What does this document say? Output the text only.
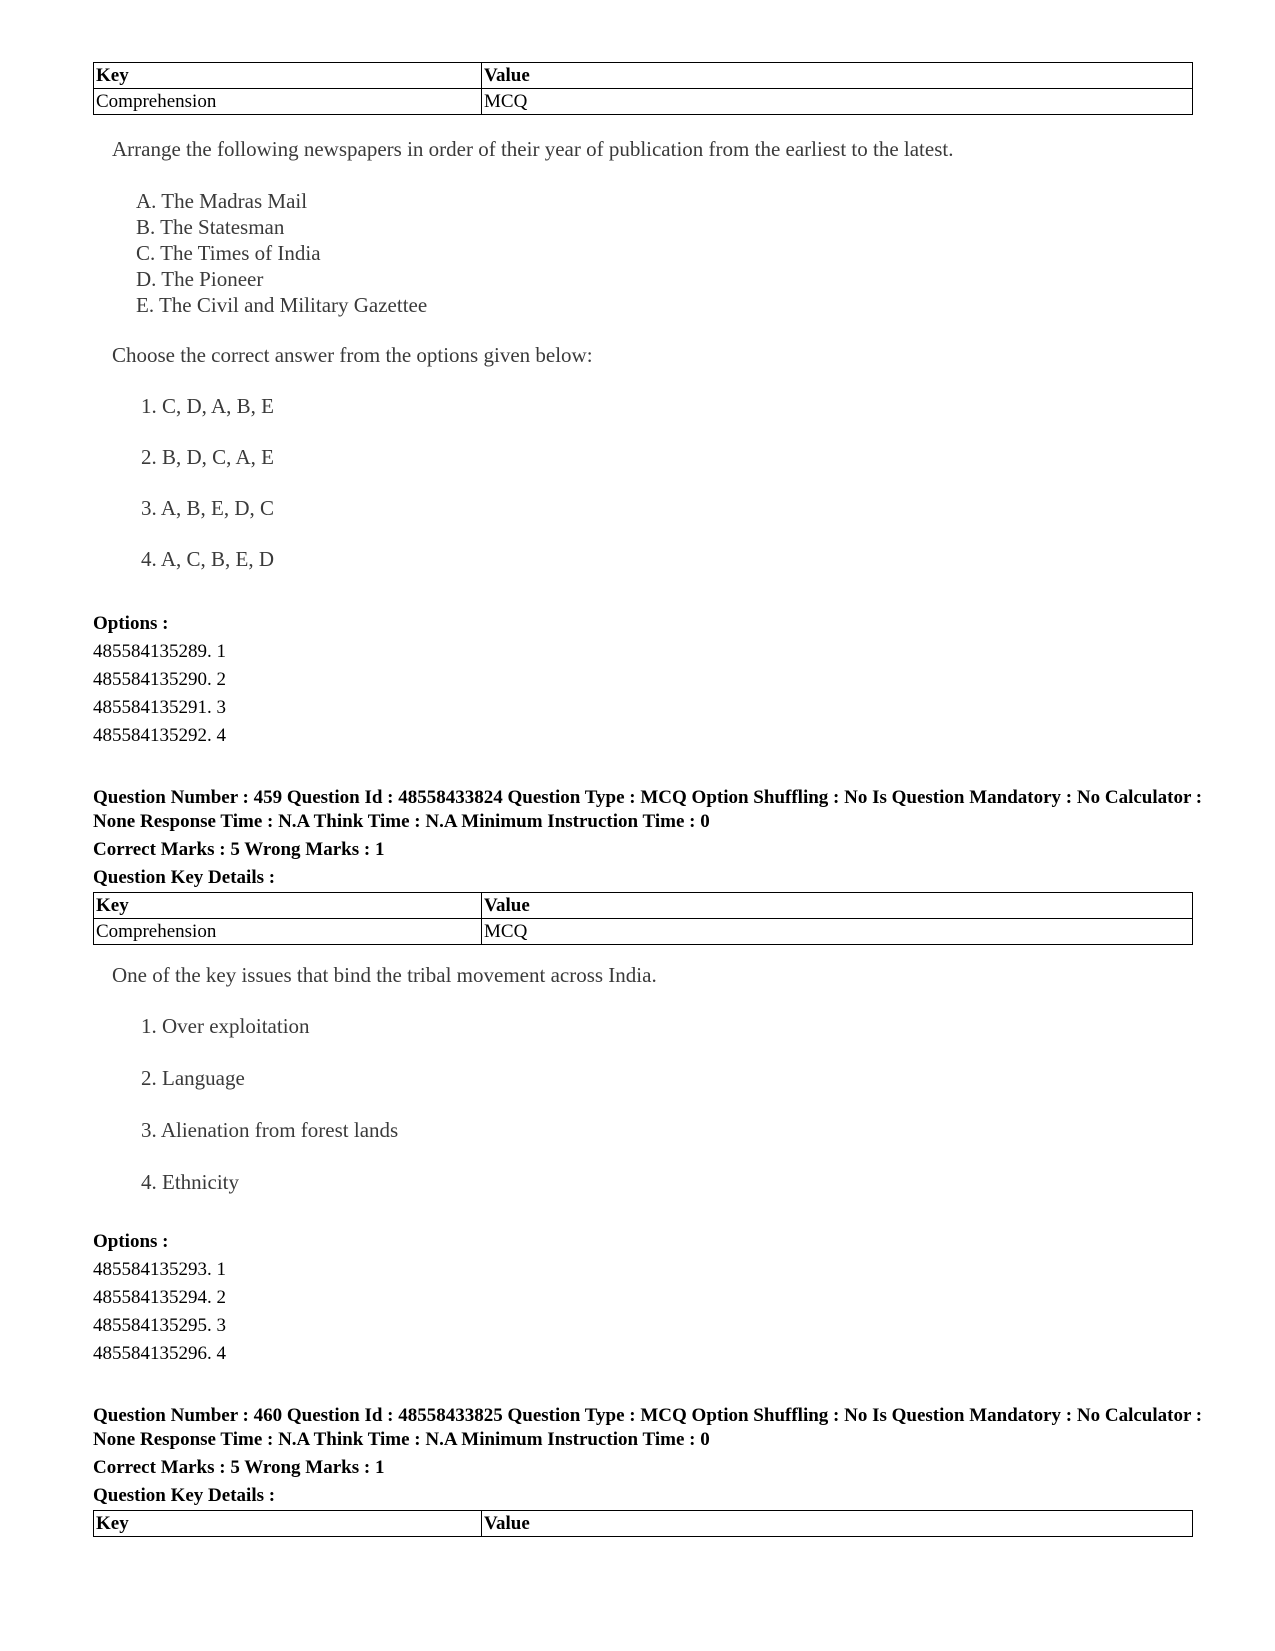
Key	Value
Comprehension	MCQ
Arrange the following newspapers in order of their year of publication from the earliest to the latest.
A. The Madras Mail
B. The Statesman
C. The Times of India
D. The Pioneer
E. The Civil and Military Gazettee
Choose the correct answer from the options given below:
1. C, D, A, B, E
2. B, D, C, A, E
3. A, B, E, D, C
4. A, C, B, E, D
Options :
485584135289. 1
485584135290. 2
485584135291. 3
485584135292. 4
Question Number : 459 Question Id : 48558433824 Question Type : MCQ Option Shuffling : No Is Question Mandatory : No Calculator : None Response Time : N.A Think Time : N.A Minimum Instruction Time : 0
Correct Marks : 5 Wrong Marks : 1
Question Key Details :
Key	Value
Comprehension	MCQ
One of the key issues that bind the tribal movement across India.
1. Over exploitation
2. Language
3. Alienation from forest lands
4. Ethnicity
Options :
485584135293. 1
485584135294. 2
485584135295. 3
485584135296. 4
Question Number : 460 Question Id : 48558433825 Question Type : MCQ Option Shuffling : No Is Question Mandatory : No Calculator : None Response Time : N.A Think Time : N.A Minimum Instruction Time : 0
Correct Marks : 5 Wrong Marks : 1
Question Key Details :
Key	Value
